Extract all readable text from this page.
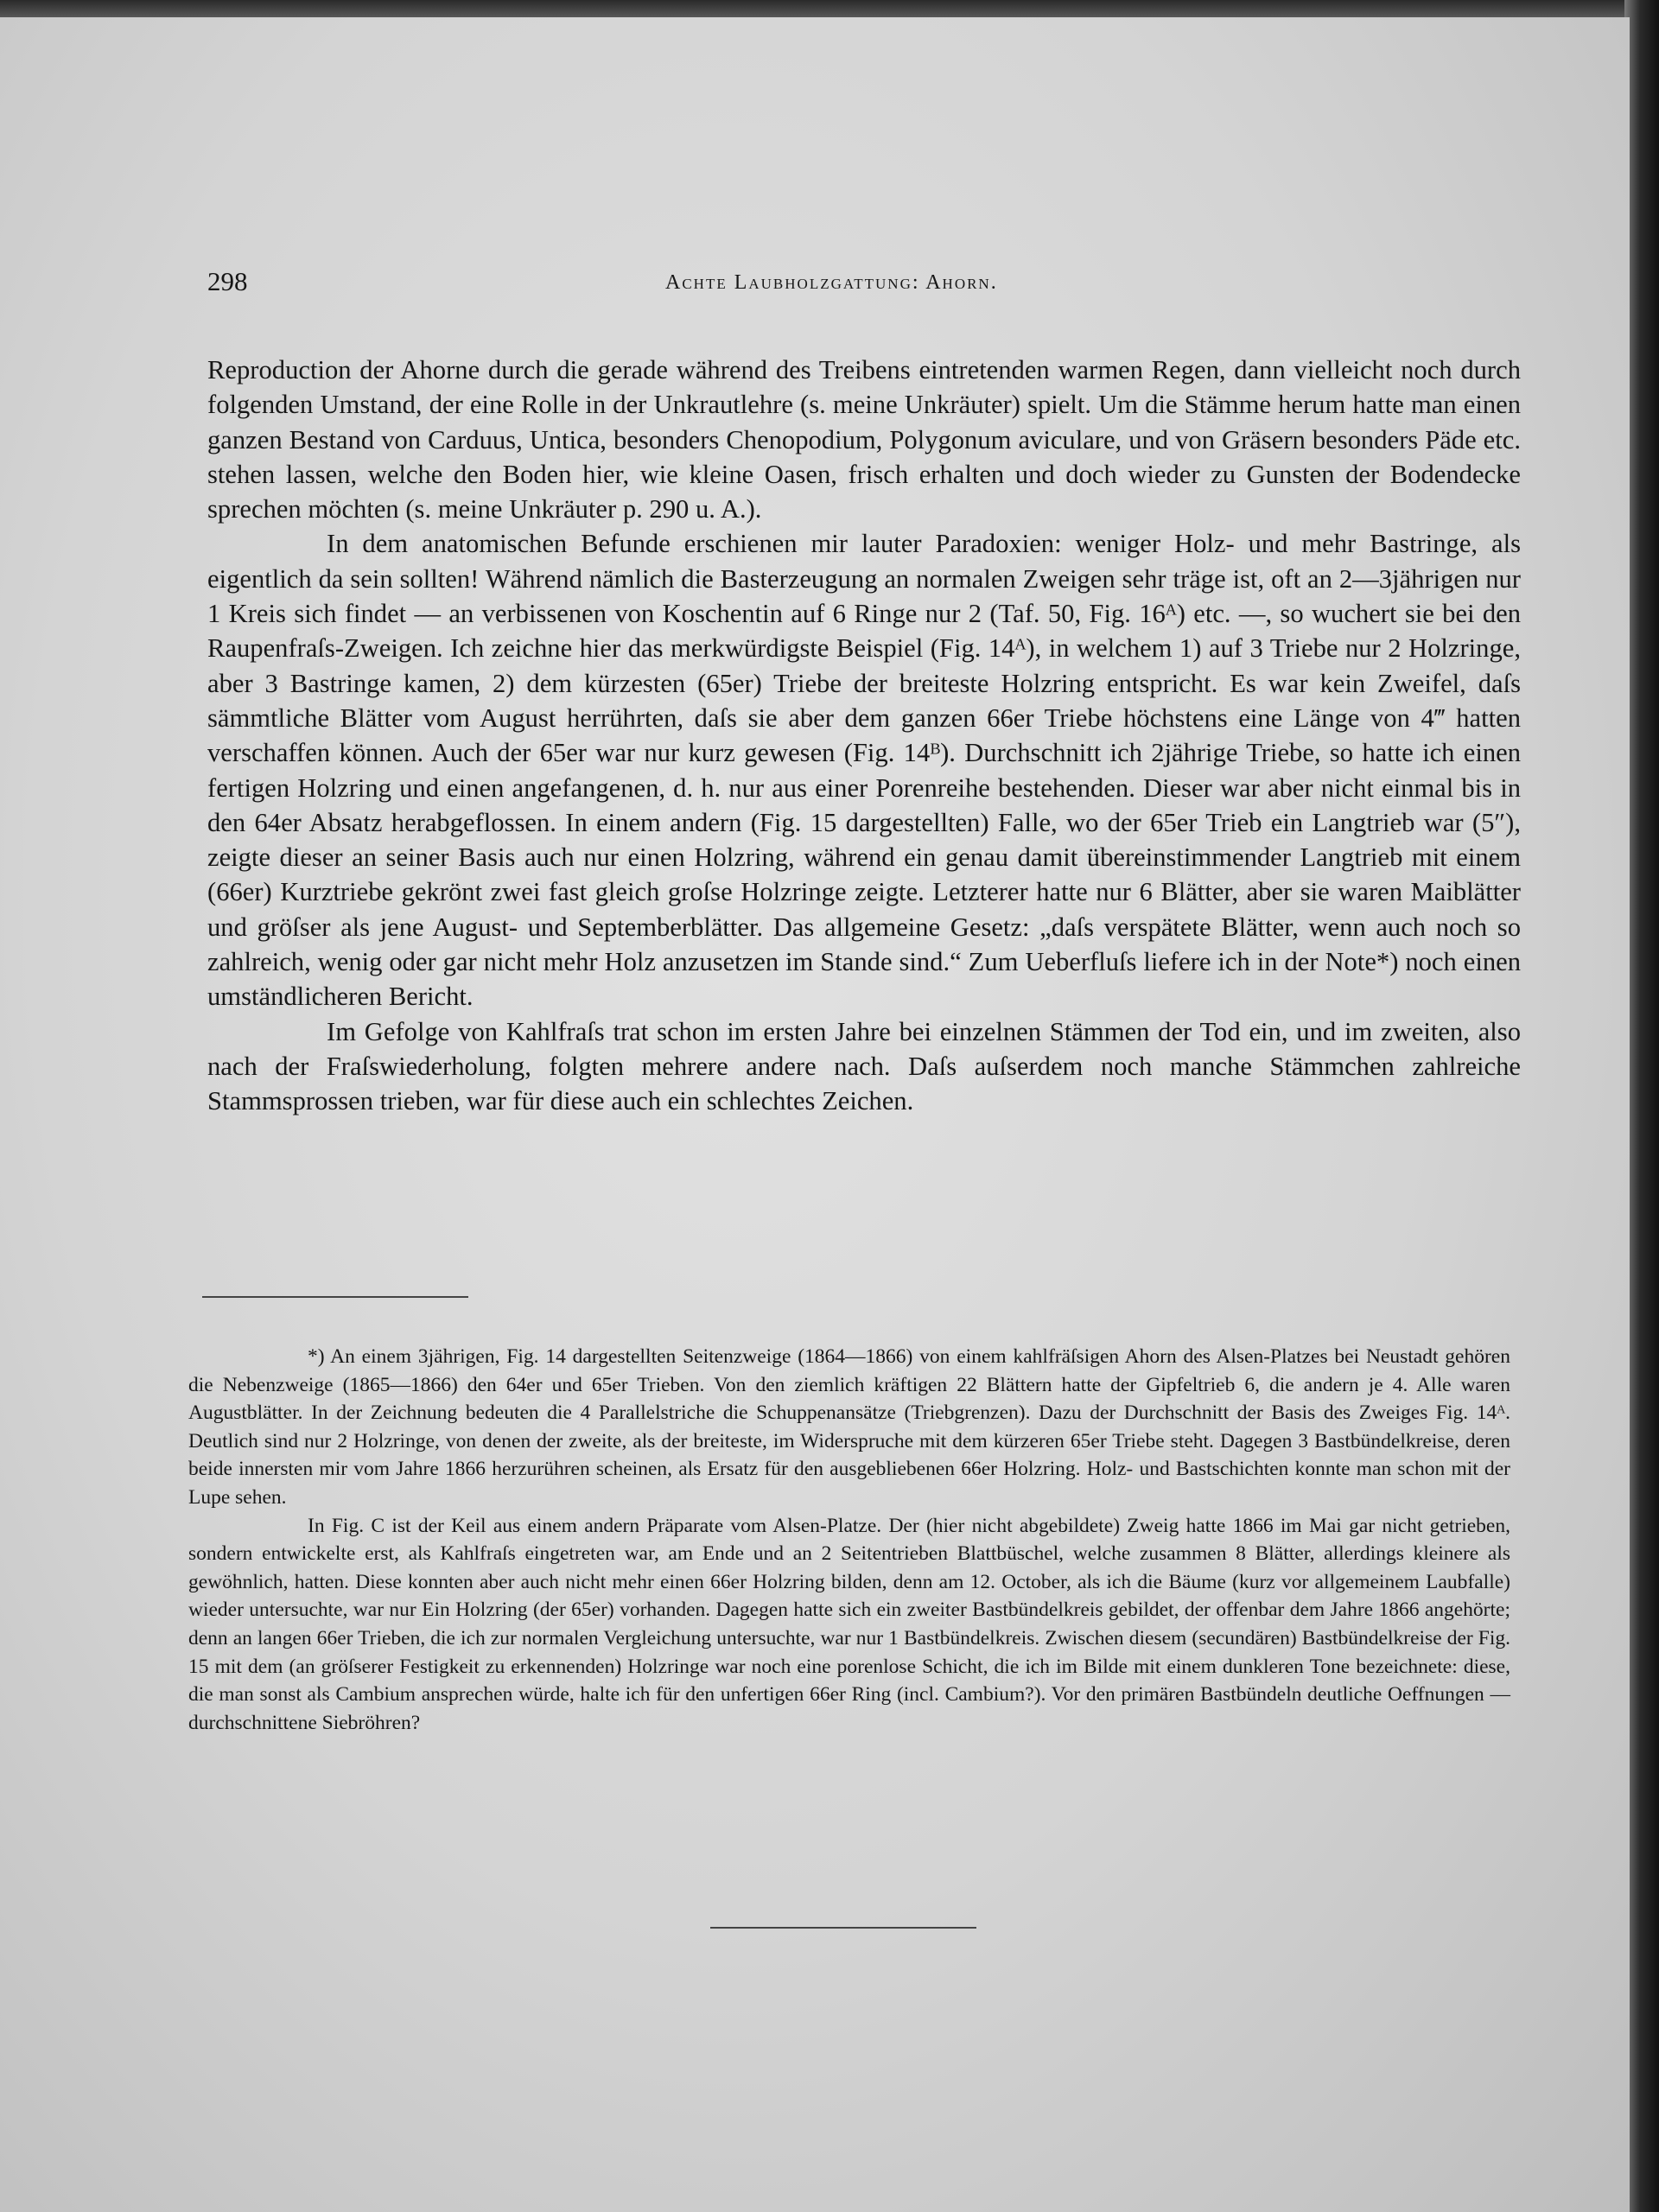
298	Achte Laubholzgattung: Ahorn.

Reproduction der Ahorne durch die gerade während des Treibens eintretenden warmen Regen, dann vielleicht noch durch folgenden Umstand, der eine Rolle in der Unkrautlehre (s. meine Unkräuter) spielt. Um die Stämme herum hatte man einen ganzen Bestand von Carduus, Untica, besonders Chenopodium, Polygonum aviculare, und von Gräsern besonders Päde etc. stehen lassen, welche den Boden hier, wie kleine Oasen, frisch erhalten und doch wieder zu Gunsten der Bodendecke sprechen möchten (s. meine Unkräuter p. 290 u. A.).

In dem anatomischen Befunde erschienen mir lauter Paradoxien: weniger Holz- und mehr Bastringe, als eigentlich da sein sollten! Während nämlich die Basterzeugung an normalen Zweigen sehr träge ist, oft an 2—3jährigen nur 1 Kreis sich findet — an verbissenen von Koschentin auf 6 Ringe nur 2 (Taf. 50, Fig. 16ᴬ) etc. —, so wuchert sie bei den Raupenfraſs-Zweigen. Ich zeichne hier das merkwürdigste Beispiel (Fig. 14ᴬ), in welchem 1) auf 3 Triebe nur 2 Holzringe, aber 3 Bastringe kamen, 2) dem kürzesten (65er) Triebe der breiteste Holzring entspricht. Es war kein Zweifel, daſs sämmtliche Blätter vom August herrührten, daſs sie aber dem ganzen 66er Triebe höchstens eine Länge von 4‴ hatten verschaffen können. Auch der 65er war nur kurz gewesen (Fig. 14ᴮ). Durchschnitt ich 2jährige Triebe, so hatte ich einen fertigen Holzring und einen angefangenen, d. h. nur aus einer Porenreihe bestehenden. Dieser war aber nicht einmal bis in den 64er Absatz herabgeflossen. In einem andern (Fig. 15 dargestellten) Falle, wo der 65er Trieb ein Langtrieb war (5″), zeigte dieser an seiner Basis auch nur einen Holzring, während ein genau damit übereinstimmender Langtrieb mit einem (66er) Kurztriebe gekrönt zwei fast gleich groſse Holzringe zeigte. Letzterer hatte nur 6 Blätter, aber sie waren Maiblätter und gröſser als jene August- und Septemberblätter. Das allgemeine Gesetz: „daſs verspätete Blätter, wenn auch noch so zahlreich, wenig oder gar nicht mehr Holz anzusetzen im Stande sind.“ Zum Ueberfluſs liefere ich in der Note*) noch einen umständlicheren Bericht.

Im Gefolge von Kahlfraſs trat schon im ersten Jahre bei einzelnen Stämmen der Tod ein, und im zweiten, also nach der Fraſswiederholung, folgten mehrere andere nach. Daſs auſserdem noch manche Stämmchen zahlreiche Stammsprossen trieben, war für diese auch ein schlechtes Zeichen.

*) An einem 3jährigen, Fig. 14 dargestellten Seitenzweige (1864—1866) von einem kahlfräſsigen Ahorn des Alsen-Platzes bei Neustadt gehören die Nebenzweige (1865—1866) den 64er und 65er Trieben. Von den ziemlich kräftigen 22 Blättern hatte der Gipfeltrieb 6, die andern je 4. Alle waren Augustblätter. In der Zeichnung bedeuten die 4 Parallelstriche die Schuppenansätze (Triebgrenzen). Dazu der Durchschnitt der Basis des Zweiges Fig. 14ᴬ. Deutlich sind nur 2 Holzringe, von denen der zweite, als der breiteste, im Widerspruche mit dem kürzeren 65er Triebe steht. Dagegen 3 Bastbündelkreise, deren beide innersten mir vom Jahre 1866 herzurühren scheinen, als Ersatz für den ausgebliebenen 66er Holzring. Holz- und Bastschichten konnte man schon mit der Lupe sehen.

In Fig. C ist der Keil aus einem andern Präparate vom Alsen-Platze. Der (hier nicht abgebildete) Zweig hatte 1866 im Mai gar nicht getrieben, sondern entwickelte erst, als Kahlfraſs eingetreten war, am Ende und an 2 Seitentrieben Blattbüschel, welche zusammen 8 Blätter, allerdings kleinere als gewöhnlich, hatten. Diese konnten aber auch nicht mehr einen 66er Holzring bilden, denn am 12. October, als ich die Bäume (kurz vor allgemeinem Laubfalle) wieder untersuchte, war nur Ein Holzring (der 65er) vorhanden. Dagegen hatte sich ein zweiter Bastbündelkreis gebildet, der offenbar dem Jahre 1866 angehörte; denn an langen 66er Trieben, die ich zur normalen Vergleichung untersuchte, war nur 1 Bastbündelkreis. Zwischen diesem (secundären) Bastbündelkreise der Fig. 15 mit dem (an gröſserer Festigkeit zu erkennenden) Holzringe war noch eine porenlose Schicht, die ich im Bilde mit einem dunkleren Tone bezeichnete: diese, die man sonst als Cambium ansprechen würde, halte ich für den unfertigen 66er Ring (incl. Cambium?). Vor den primären Bastbündeln deutliche Oeffnungen — durchschnittene Siebröhren?
